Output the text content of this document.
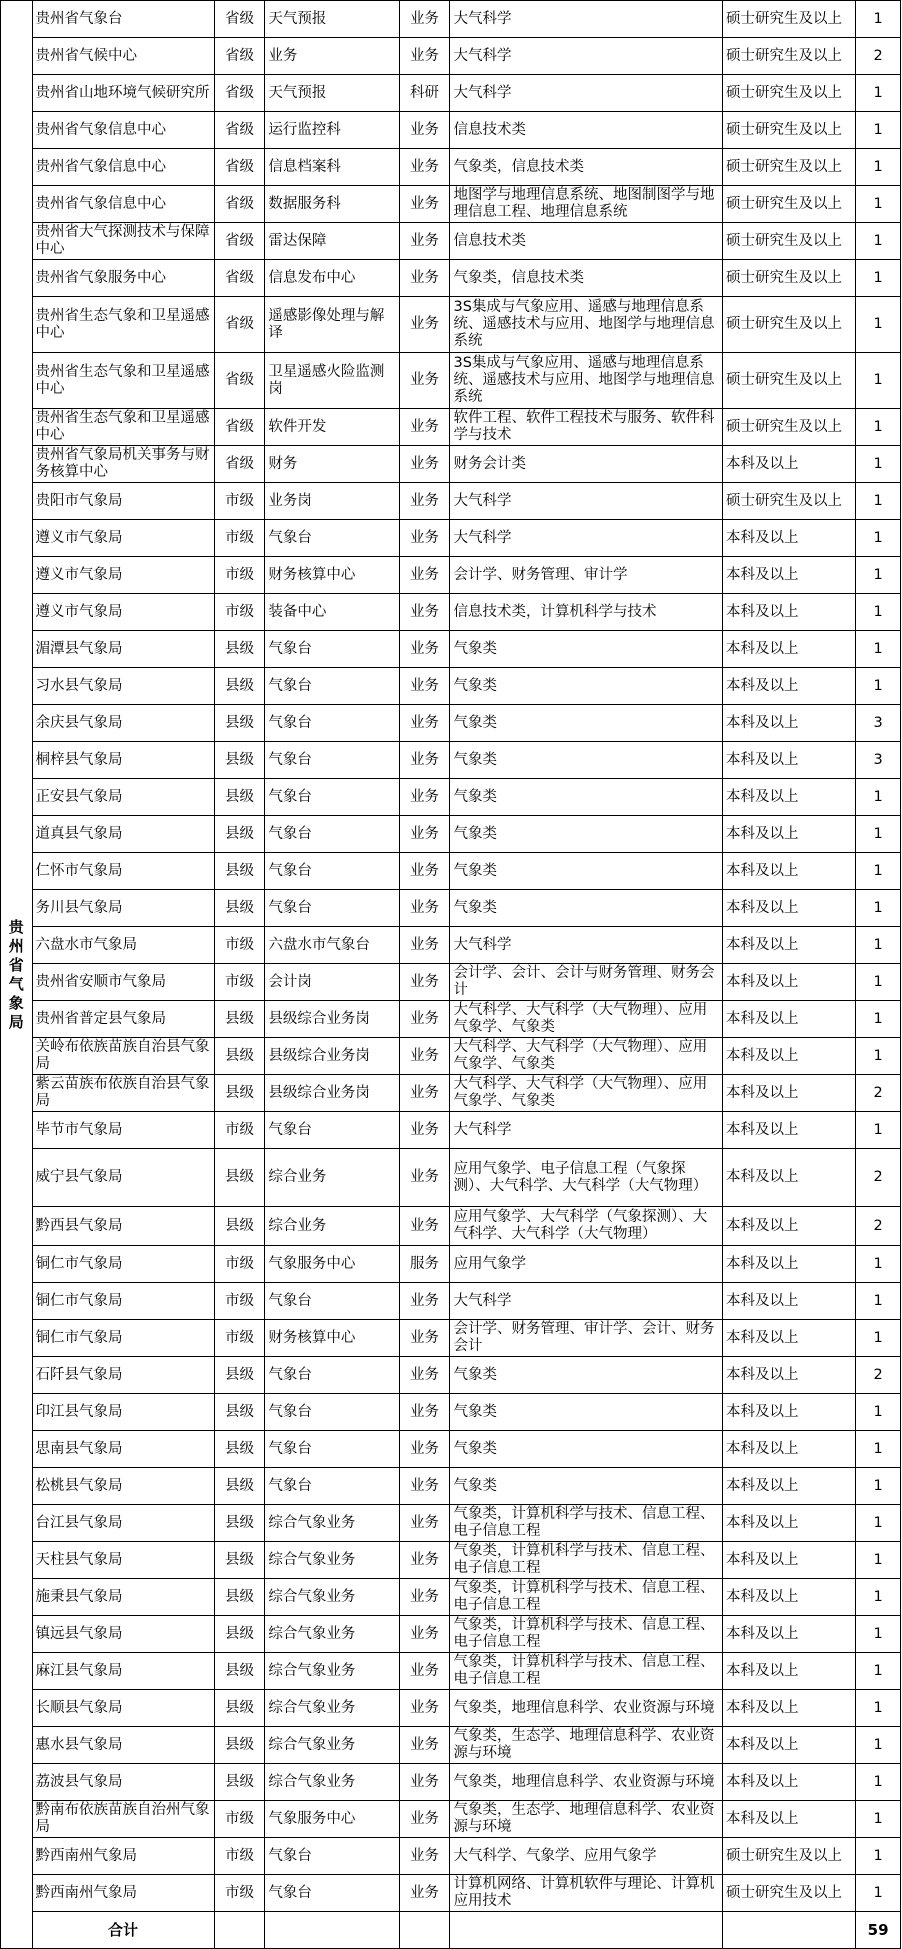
贵州省气象局	贵州省气象台	省级	天气预报	业务	大气科学	硕士研究生及以上	1
	贵州省气候中心	省级	业务	业务	大气科学	硕士研究生及以上	2
	贵州省山地环境气候研究所	省级	天气预报	科研	大气科学	硕士研究生及以上	1
	贵州省气象信息中心	省级	运行监控科	业务	信息技术类	硕士研究生及以上	1
	贵州省气象信息中心	省级	信息档案科	业务	气象类，信息技术类	硕士研究生及以上	1
	贵州省气象信息中心	省级	数据服务科	业务	地图学与地理信息系统、地图制图学与地理信息工程、地理信息系统	硕士研究生及以上	1
	贵州省大气探测技术与保障中心	省级	雷达保障	业务	信息技术类	硕士研究生及以上	1
	贵州省气象服务中心	省级	信息发布中心	业务	气象类，信息技术类	硕士研究生及以上	1
	贵州省生态气象和卫星遥感中心	省级	遥感影像处理与解译	业务	3S集成与气象应用、遥感与地理信息系统、遥感技术与应用、地图学与地理信息系统	硕士研究生及以上	1
	贵州省生态气象和卫星遥感中心	省级	卫星遥感火险监测岗	业务	3S集成与气象应用、遥感与地理信息系统、遥感技术与应用、地图学与地理信息系统	硕士研究生及以上	1
	贵州省生态气象和卫星遥感中心	省级	软件开发	业务	软件工程、软件工程技术与服务、软件科学与技术	硕士研究生及以上	1
	贵州省气象局机关事务与财务核算中心	省级	财务	业务	财务会计类	本科及以上	1
	贵阳市气象局	市级	业务岗	业务	大气科学	硕士研究生及以上	1
	遵义市气象局	市级	气象台	业务	大气科学	本科及以上	1
	遵义市气象局	市级	财务核算中心	业务	会计学、财务管理、审计学	本科及以上	1
	遵义市气象局	市级	装备中心	业务	信息技术类，计算机科学与技术	本科及以上	1
	湄潭县气象局	县级	气象台	业务	气象类	本科及以上	1
	习水县气象局	县级	气象台	业务	气象类	本科及以上	1
	余庆县气象局	县级	气象台	业务	气象类	本科及以上	3
	桐梓县气象局	县级	气象台	业务	气象类	本科及以上	3
	正安县气象局	县级	气象台	业务	气象类	本科及以上	1
	道真县气象局	县级	气象台	业务	气象类	本科及以上	1
	仁怀市气象局	县级	气象台	业务	气象类	本科及以上	1
	务川县气象局	县级	气象台	业务	气象类	本科及以上	1
	六盘水市气象局	市级	六盘水市气象台	业务	大气科学	本科及以上	1
	贵州省安顺市气象局	市级	会计岗	业务	会计学、会计、会计与财务管理、财务会计	本科及以上	1
	贵州省普定县气象局	县级	县级综合业务岗	业务	大气科学、大气科学（大气物理）、应用气象学、气象类	本科及以上	1
	关岭布依族苗族自治县气象局	县级	县级综合业务岗	业务	大气科学、大气科学（大气物理）、应用气象学、气象类	本科及以上	1
	紫云苗族布依族自治县气象局	县级	县级综合业务岗	业务	大气科学、大气科学（大气物理）、应用气象学、气象类	本科及以上	2
	毕节市气象局	市级	气象台	业务	大气科学	本科及以上	1
	威宁县气象局	县级	综合业务	业务	应用气象学、电子信息工程（气象探测）、大气科学、大气科学（大气物理）	本科及以上	2
	黔西县气象局	县级	综合业务	业务	应用气象学、大气科学（气象探测）、大气科学、大气科学（大气物理）	本科及以上	2
	铜仁市气象局	市级	气象服务中心	服务	应用气象学	本科及以上	1
	铜仁市气象局	市级	气象台	业务	大气科学	本科及以上	1
	铜仁市气象局	市级	财务核算中心	业务	会计学、财务管理、审计学、会计、财务会计	本科及以上	1
	石阡县气象局	县级	气象台	业务	气象类	本科及以上	2
	印江县气象局	县级	气象台	业务	气象类	本科及以上	1
	思南县气象局	县级	气象台	业务	气象类	本科及以上	1
	松桃县气象局	县级	气象台	业务	气象类	本科及以上	1
	台江县气象局	县级	综合气象业务	业务	气象类，计算机科学与技术、信息工程、电子信息工程	本科及以上	1
	天柱县气象局	县级	综合气象业务	业务	气象类，计算机科学与技术、信息工程、电子信息工程	本科及以上	1
	施秉县气象局	县级	综合气象业务	业务	气象类，计算机科学与技术、信息工程、电子信息工程	本科及以上	1
	镇远县气象局	县级	综合气象业务	业务	气象类，计算机科学与技术、信息工程、电子信息工程	本科及以上	1
	麻江县气象局	县级	综合气象业务	业务	气象类，计算机科学与技术、信息工程、电子信息工程	本科及以上	1
	长顺县气象局	县级	综合气象业务	业务	气象类，地理信息科学、农业资源与环境	本科及以上	1
	惠水县气象局	县级	综合气象业务	业务	气象类，生态学、地理信息科学、农业资源与环境	本科及以上	1
	荔波县气象局	县级	综合气象业务	业务	气象类，地理信息科学、农业资源与环境	本科及以上	1
	黔南布依族苗族自治州气象局	市级	气象服务中心	业务	气象类，生态学、地理信息科学、农业资源与环境	本科及以上	1
	黔西南州气象局	市级	气象台	业务	大气科学、气象学、应用气象学	硕士研究生及以上	1
	黔西南州气象局	市级	气象台	业务	计算机网络、计算机软件与理论、计算机应用技术	硕士研究生及以上	1
	合计						59
